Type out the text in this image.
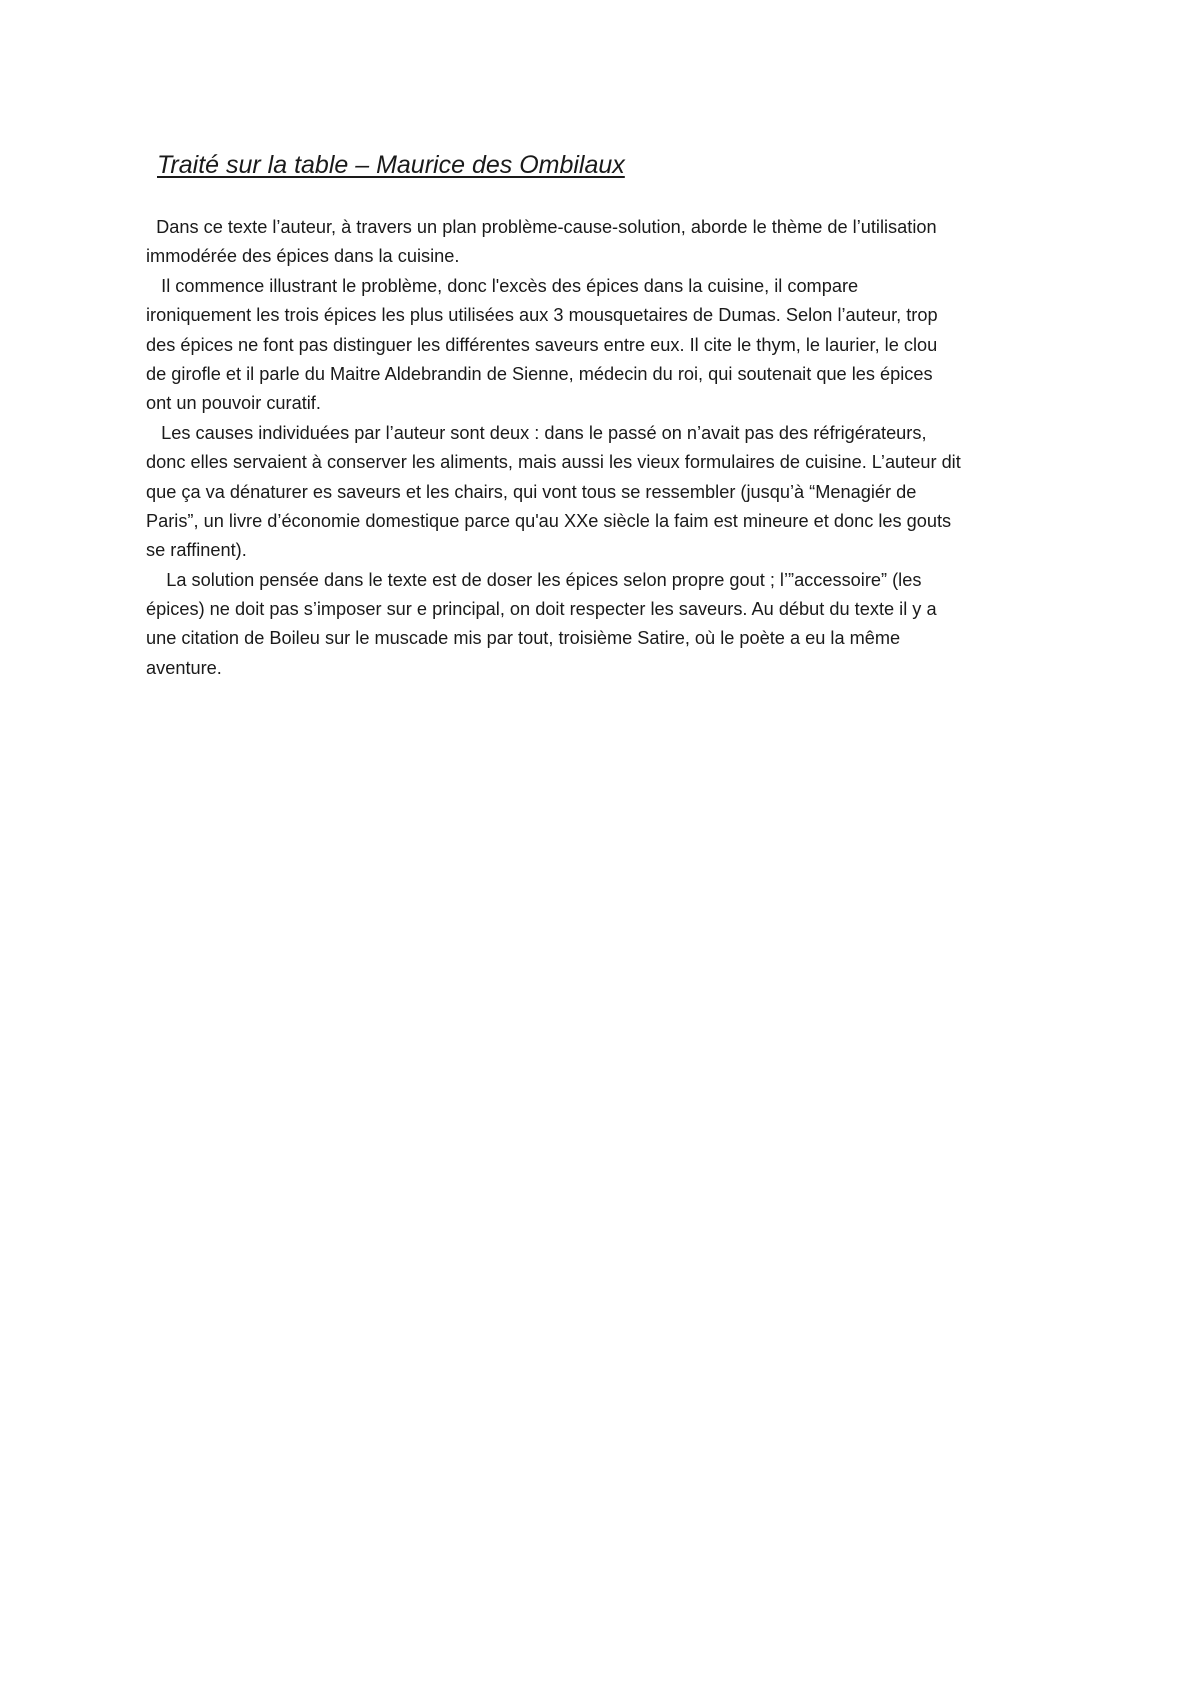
Traité sur la table – Maurice des Ombilaux
Dans ce texte l’auteur, à travers un plan problème-cause-solution, aborde le thème de l’utilisation
immodérée des épices dans la cuisine.
Il commence illustrant le problème, donc l'excès des épices dans la cuisine, il compare
ironiquement les trois épices les plus utilisées aux 3 mousquetaires de Dumas. Selon l’auteur, trop
des épices ne font pas distinguer les différentes saveurs entre eux. Il cite le thym, le laurier, le clou
de girofle et il parle du Maitre Aldebrandin de Sienne, médecin du roi, qui soutenait que les épices
ont un pouvoir curatif.
Les causes individuées par l’auteur sont deux : dans le passé on n’avait pas des réfrigérateurs,
donc elles servaient à conserver les aliments, mais aussi les vieux formulaires de cuisine. L’auteur dit
que ça va dénaturer es saveurs et les chairs, qui vont tous se ressembler (jusqu’à “Menagiér de
Paris”, un livre d’économie domestique parce qu'au XXe siècle la faim est mineure et donc les gouts
se raffinent).
La solution pensée dans le texte est de doser les épices selon propre gout ; l’”accessoire” (les
épices) ne doit pas s’imposer sur e principal, on doit respecter les saveurs. Au début du texte il y a
une citation de Boileu sur le muscade mis par tout, troisième Satire, où le poète a eu la même
aventure.
